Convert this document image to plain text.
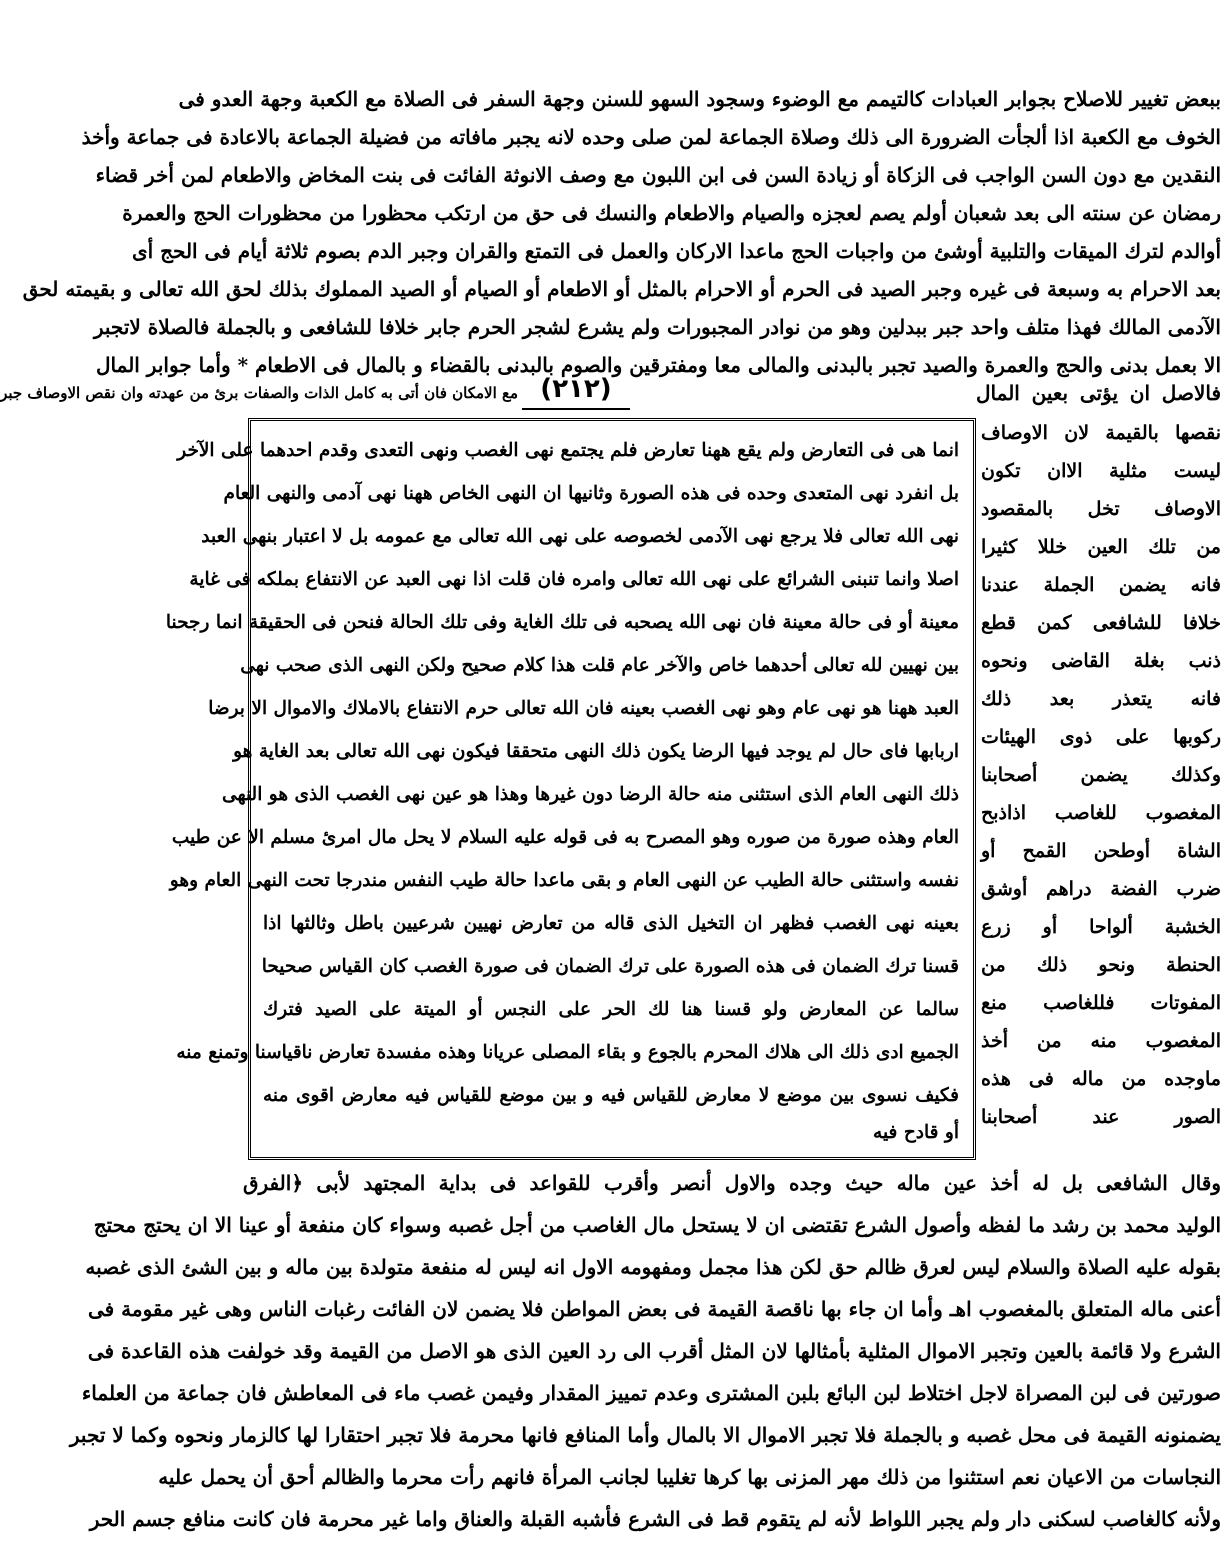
ببعض تغيير للاصلاح بجوابر العبادات كالتيمم مع الوضوء وسجود السهو للسنن وجهة السفر فى الصلاة مع الكعبة وجهة العدو فى
الخوف مع الكعبة اذا ألجأت الضرورة الى ذلك وصلاة الجماعة لمن صلى وحده لانه يجبر مافاته من فضيلة الجماعة بالاعادة فى جماعة وأخذ
النقدين مع دون السن الواجب فى الزكاة أو زيادة السن فى ابن اللبون مع وصف الانوثة الفائت فى بنت المخاض والاطعام لمن أخر قضاء
رمضان عن سنته الى بعد شعبان أولم يصم لعجزه والصيام والاطعام والنسك فى حق من ارتكب محظورا من محظورات الحج والعمرة
أوالدم لترك الميقات والتلبية أوشئ من واجبات الحج ماعدا الاركان والعمل فى التمتع والقران وجبر الدم بصوم ثلاثة أيام فى الحج أى
بعد الاحرام به وسبعة فى غيره وجبر الصيد فى الحرم أو الاحرام بالمثل أو الاطعام أو الصيام أو الصيد المملوك بذلك لحق الله تعالى و بقيمته لحق
الآدمى المالك فهذا متلف واحد جبر ببدلين وهو من نوادر المجبورات ولم يشرع لشجر الحرم جابر خلافا للشافعى و بالجملة فالصلاة لاتجبر
الا بعمل بدنى والحج والعمرة والصيد تجبر بالبدنى والمالى معا ومفترقين والصوم بالبدنى بالقضاء و بالمال فى الاطعام * وأما جوابر المال
فالاصل ان يؤتى بعين المال
(٢١٢)
مع الامكان فان أتى به كامل الذات والصفات برئ من عهدته وان نقص الاوصاف جبر
نقصها بالقيمة لان الاوصاف
ليست مثلية الاان تكون
الاوصاف تخل بالمقصود
من تلك العين خللا كثيرا
فانه يضمن الجملة عندنا
خلافا للشافعى كمن قطع
ذنب بغلة القاضى ونحوه
فانه يتعذر بعد ذلك
ركوبها على ذوى الهيئات
وكذلك يضمن أصحابنا
المغصوب للغاصب اذاذبح
الشاة أوطحن القمح أو
ضرب الفضة دراهم أوشق
الخشبة ألواحا أو زرع
الحنطة ونحو ذلك من
المفوتات فللغاصب منع
المغصوب منه من أخذ
ماوجده من ماله فى هذه
الصور عند أصحابنا
انما هى فى التعارض ولم يقع ههنا تعارض فلم يجتمع نهى الغصب ونهى التعدى وقدم احدهما على الآخر
بل انفرد نهى المتعدى وحده فى هذه الصورة وثانيها ان النهى الخاص ههنا نهى آدمى والنهى العام
نهى الله تعالى فلا يرجع نهى الآدمى لخصوصه على نهى الله تعالى مع عمومه بل لا اعتبار بنهى العبد
اصلا وانما تنبنى الشرائع على نهى الله تعالى وامره فان قلت اذا نهى العبد عن الانتفاع بملكه فى غاية
معينة أو فى حالة معينة فان نهى الله يصحبه فى تلك الغاية وفى تلك الحالة فنحن فى الحقيقة انما رجحنا
بين نهيين لله تعالى أحدهما خاص والآخر عام قلت هذا كلام صحيح ولكن النهى الذى صحب نهى
العبد ههنا هو نهى عام وهو نهى الغصب بعينه فان الله تعالى حرم الانتفاع بالاملاك والاموال الا برضا
اربابها فاى حال لم يوجد فيها الرضا يكون ذلك النهى متحققا فيكون نهى الله تعالى بعد الغاية هو
ذلك النهى العام الذى استثنى منه حالة الرضا دون غيرها وهذا هو عين نهى الغصب الذى هو النهى
العام وهذه صورة من صوره وهو المصرح به فى قوله عليه السلام لا يحل مال امرئ مسلم الا عن طيب
نفسه واستثنى حالة الطيب عن النهى العام و بقى ماعدا حالة طيب النفس مندرجا تحت النهى العام وهو
بعينه نهى الغصب فظهر ان التخيل الذى قاله من تعارض نهيين شرعيين باطل وثالثها اذا
قسنا ترك الضمان فى هذه الصورة على ترك الضمان فى صورة الغصب كان القياس صحيحا
سالما عن المعارض ولو قسنا هنا لك الحر على النجس أو الميتة على الصيد فترك
الجميع ادى ذلك الى هلاك المحرم بالجوع و بقاء المصلى عريانا وهذه مفسدة تعارض ناقياسنا وتمنع منه
فكيف نسوى بين موضع لا معارض للقياس فيه و بين موضع للقياس فيه معارض اقوى منه
أو قادح فيه
وقال الشافعى بل له أخذ عين ماله حيث وجده والاول أنصر وأقرب للقواعد فى بداية المجتهد لأبى ﴿الفرق
الوليد محمد بن رشد ما لفظه وأصول الشرع تقتضى ان لا يستحل مال الغاصب من أجل غصبه وسواء كان منفعة أو عينا الا ان يحتج محتج
بقوله عليه الصلاة والسلام ليس لعرق ظالم حق لكن هذا مجمل ومفهومه الاول انه ليس له منفعة متولدة بين ماله و بين الشئ الذى غصبه
أعنى ماله المتعلق بالمغصوب اهـ وأما ان جاء بها ناقصة القيمة فى بعض المواطن فلا يضمن لان الفائت رغبات الناس وهى غير مقومة فى
الشرع ولا قائمة بالعين وتجبر الاموال المثلية بأمثالها لان المثل أقرب الى رد العين الذى هو الاصل من القيمة وقد خولفت هذه القاعدة فى
صورتين فى لبن المصراة لاجل اختلاط لبن البائع بلبن المشترى وعدم تمييز المقدار وفيمن غصب ماء فى المعاطش فان جماعة من العلماء
يضمنونه القيمة فى محل غصبه و بالجملة فلا تجبر الاموال الا بالمال وأما المنافع فانها محرمة فلا تجبر احتقارا لها كالزمار ونحوه وكما لا تجبر
النجاسات من الاعيان نعم استثنوا من ذلك مهر المزنى بها كرها تغليبا لجانب المرأة فانهم رأت محرما والظالم أحق أن يحمل عليه
ولأنه كالغاصب لسكنى دار ولم يجبر اللواط لأنه لم يتقوم قط فى الشرع فأشبه القبلة والعناق واما غير محرمة فان كانت منافع جسم الحر
